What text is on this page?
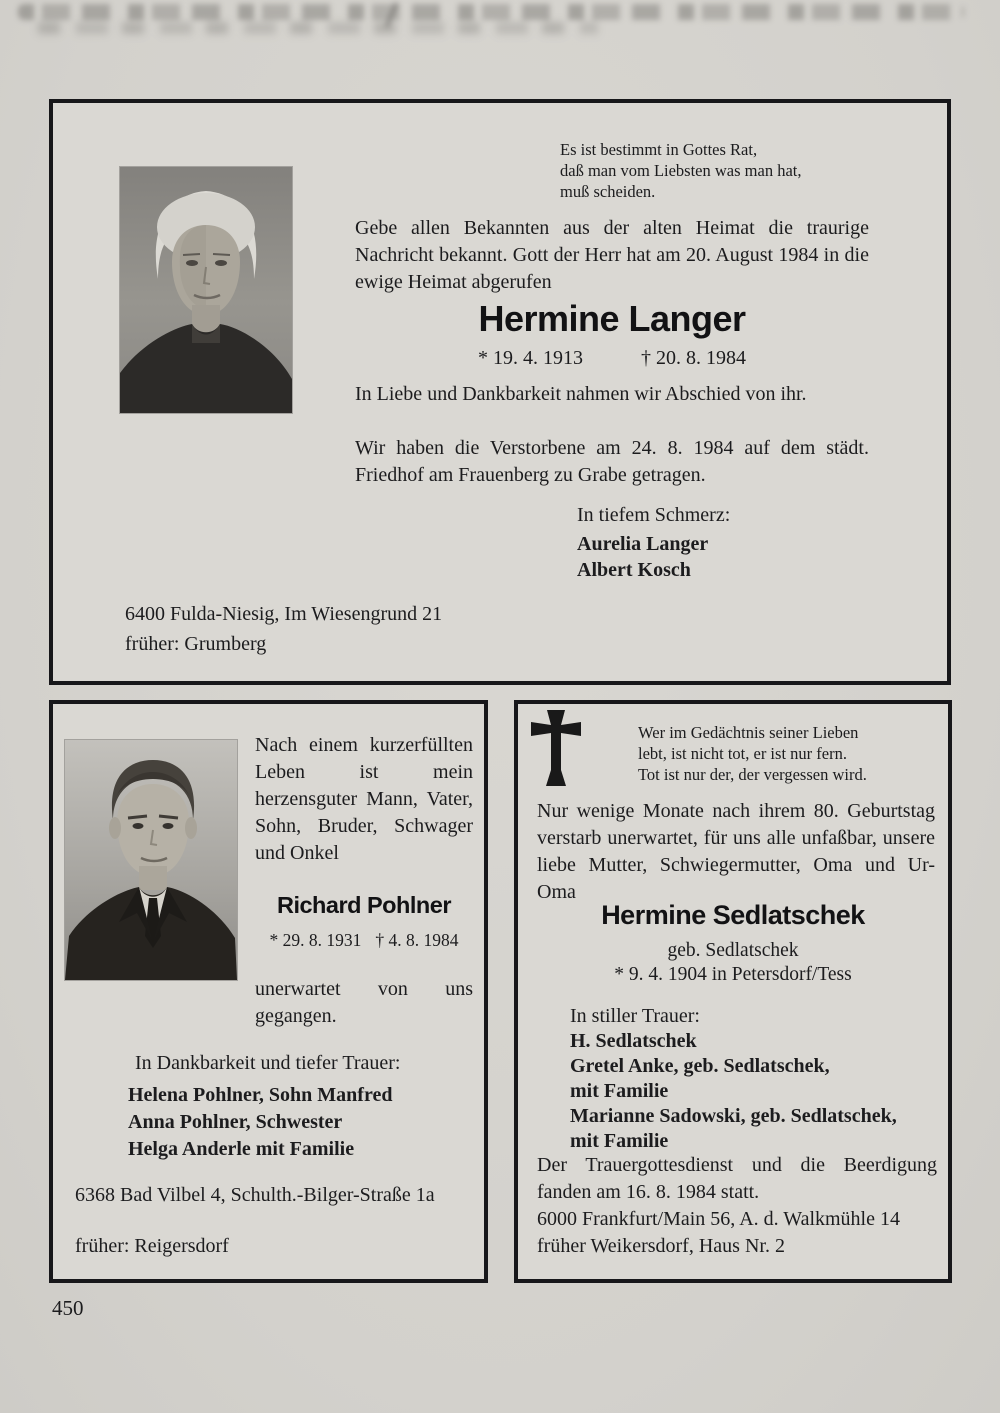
Es ist bestimmt in Gottes Rat,
daß man vom Liebsten was man hat,
muß scheiden.

Gebe allen Bekannten aus der alten Heimat die traurige Nachricht bekannt. Gott der Herr hat am 20. August 1984 in die ewige Heimat abgerufen

Hermine Langer
* 19. 4. 1913	† 20. 8. 1984

In Liebe und Dankbarkeit nahmen wir Abschied von ihr.

Wir haben die Verstorbene am 24. 8. 1984 auf dem städt. Friedhof am Frauenberg zu Grabe getragen.

In tiefem Schmerz:
Aurelia Langer
Albert Kosch
6400 Fulda-Niesig, Im Wiesengrund 21
früher: Grumberg

Nach einem kurzerfüllten Leben ist mein herzensguter Mann, Vater, Sohn, Bruder, Schwager und Onkel

Richard Pohlner
* 29. 8. 1931 † 4. 8. 1984

unerwartet von uns gegangen.

In Dankbarkeit und tiefer Trauer:
Helena Pohlner, Sohn Manfred
Anna Pohlner, Schwester
Helga Anderle mit Familie
6368 Bad Vilbel 4, Schulth.-Bilger-Straße 1a
früher: Reigersdorf
Wer im Gedächtnis seiner Lieben
lebt, ist nicht tot, er ist nur fern.
Tot ist nur der, der vergessen wird.

Nur wenige Monate nach ihrem 80. Geburtstag verstarb unerwartet, für uns alle unfaßbar, unsere liebe Mutter, Schwiegermutter, Oma und Ur-Oma

Hermine Sedlatschek
geb. Sedlatschek
* 9. 4. 1904 in Petersdorf/Tess
In stiller Trauer:
H. Sedlatschek
Gretel Anke, geb. Sedlatschek,
mit Familie
Marianne Sadowski, geb. Sedlatschek,
mit Familie

Der Trauergottesdienst und die Beerdigung fanden am 16. 8. 1984 statt.

6000 Frankfurt/Main 56, A. d. Walkmühle 14
früher Weikersdorf, Haus Nr. 2
450
